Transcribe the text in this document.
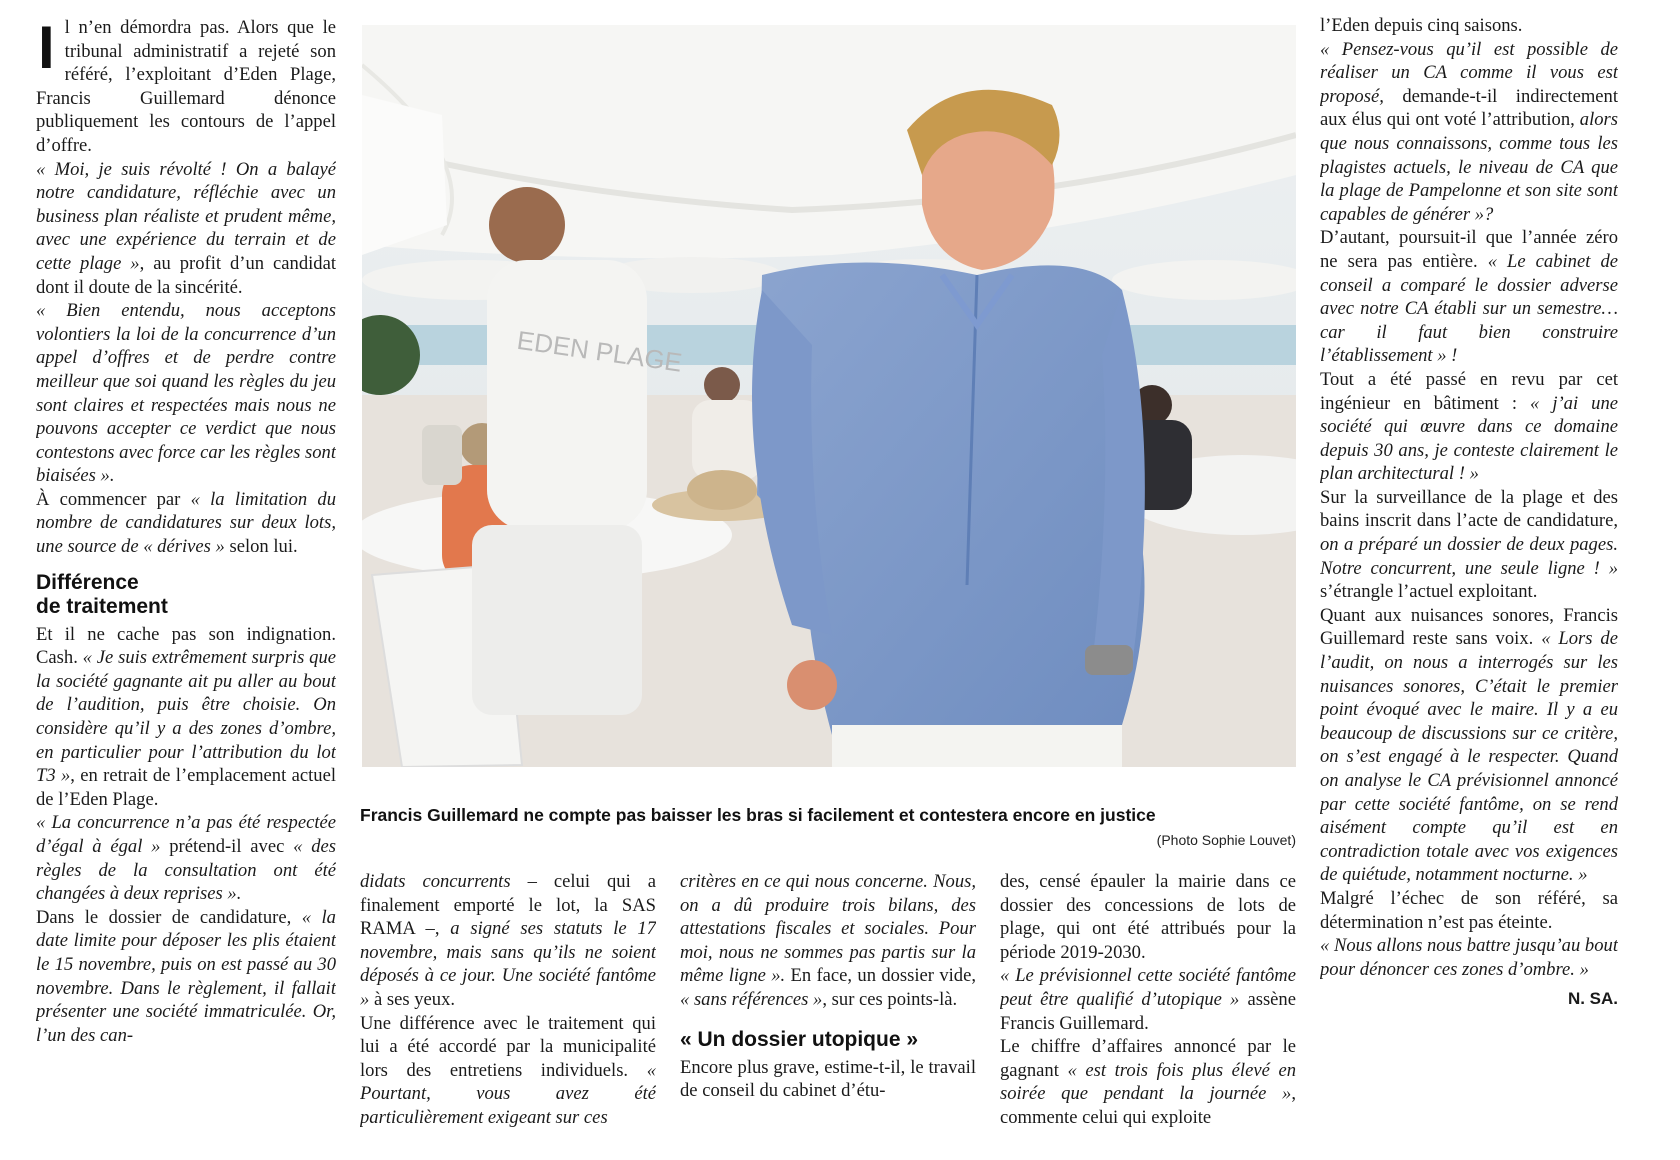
Il n’en démordra pas. Alors que le tribunal administratif a rejeté son référé, l’exploitant d’Eden Plage, Francis Guillemard dénonce publiquement les contours de l’appel d’offre.

« Moi, je suis révolté ! On a balayé notre candidature, réfléchie avec un business plan réaliste et prudent même, avec une expérience du terrain et de cette plage », au profit d’un candidat dont il doute de la sincérité.

« Bien entendu, nous acceptons volontiers la loi de la concurrence d’un appel d’offres et de perdre contre meilleur que soi quand les règles du jeu sont claires et respectées mais nous ne pouvons accepter ce verdict que nous contestons avec force car les règles sont biaisées ».

À commencer par « la limitation du nombre de candidatures sur deux lots, une source de « dérives » selon lui.

Différence
de traitement

Et il ne cache pas son indignation. Cash. « Je suis extrêmement surpris que la société gagnante ait pu aller au bout de l’audition, puis être choisie. On considère qu’il y a des zones d’ombre, en particulier pour l’attribution du lot T3 », en retrait de l’emplacement actuel de l’Eden Plage.

« La concurrence n’a pas été respectée d’égal à égal » prétend-il avec « des règles de la consultation ont été changées à deux reprises ».

Dans le dossier de candidature, « la date limite pour déposer les plis étaient le 15 novembre, puis on est passé au 30 novembre. Dans le règlement, il fallait présenter une société immatriculée. Or, l’un des can-

EDEN PLAGE
Francis Guillemard ne compte pas baisser les bras si facilement et contestera encore en justice
(Photo Sophie Louvet)

didats concurrents – celui qui a finalement emporté le lot, la SAS RAMA –, a signé ses statuts le 17 novembre, mais sans qu’ils ne soient déposés à ce jour. Une société fantôme » à ses yeux.

Une différence avec le traitement qui lui a été accordé par la municipalité lors des entretiens individuels. « Pourtant, vous avez été particulièrement exigeant sur ces

critères en ce qui nous concerne. Nous, on a dû produire trois bilans, des attestations fiscales et sociales. Pour moi, nous ne sommes pas partis sur la même ligne ». En face, un dossier vide, « sans références », sur ces points-là.

« Un dossier utopique »

Encore plus grave, estime-t-il, le travail de conseil du cabinet d’étu-

des, censé épauler la mairie dans ce dossier des concessions de lots de plage, qui ont été attribués pour la période 2019-2030.

« Le prévisionnel cette société fantôme peut être qualifié d’utopique » assène Francis Guillemard.

Le chiffre d’affaires annoncé par le gagnant « est trois fois plus élevé en soirée que pendant la journée », commente celui qui exploite

l’Eden depuis cinq saisons.

« Pensez-vous qu’il est possible de réaliser un CA comme il vous est proposé, demande-t-il indirectement aux élus qui ont voté l’attribution, alors que nous connaissons, comme tous les plagistes actuels, le niveau de CA que la plage de Pampelonne et son site sont capables de générer »?

D’autant, poursuit-il que l’année zéro ne sera pas entière. « Le cabinet de conseil a comparé le dossier adverse avec notre CA établi sur un semestre…car il faut bien construire l’établissement » !

Tout a été passé en revu par cet ingénieur en bâtiment : « j’ai une société qui œuvre dans ce domaine depuis 30 ans, je conteste clairement le plan architectural ! »

Sur la surveillance de la plage et des bains inscrit dans l’acte de candidature, on a préparé un dossier de deux pages. Notre concurrent, une seule ligne ! » s’étrangle l’actuel exploitant.

Quant aux nuisances sonores, Francis Guillemard reste sans voix. « Lors de l’audit, on nous a interrogés sur les nuisances sonores, C’était le premier point évoqué avec le maire. Il y a eu beaucoup de discussions sur ce critère, on s’est engagé à le respecter. Quand on analyse le CA prévisionnel annoncé par cette société fantôme, on se rend aisément compte qu’il est en contradiction totale avec vos exigences de quiétude, notamment nocturne. »

Malgré l’échec de son référé, sa détermination n’est pas éteinte.

« Nous allons nous battre jusqu’au bout pour dénoncer ces zones d’ombre. »

N. SA.
